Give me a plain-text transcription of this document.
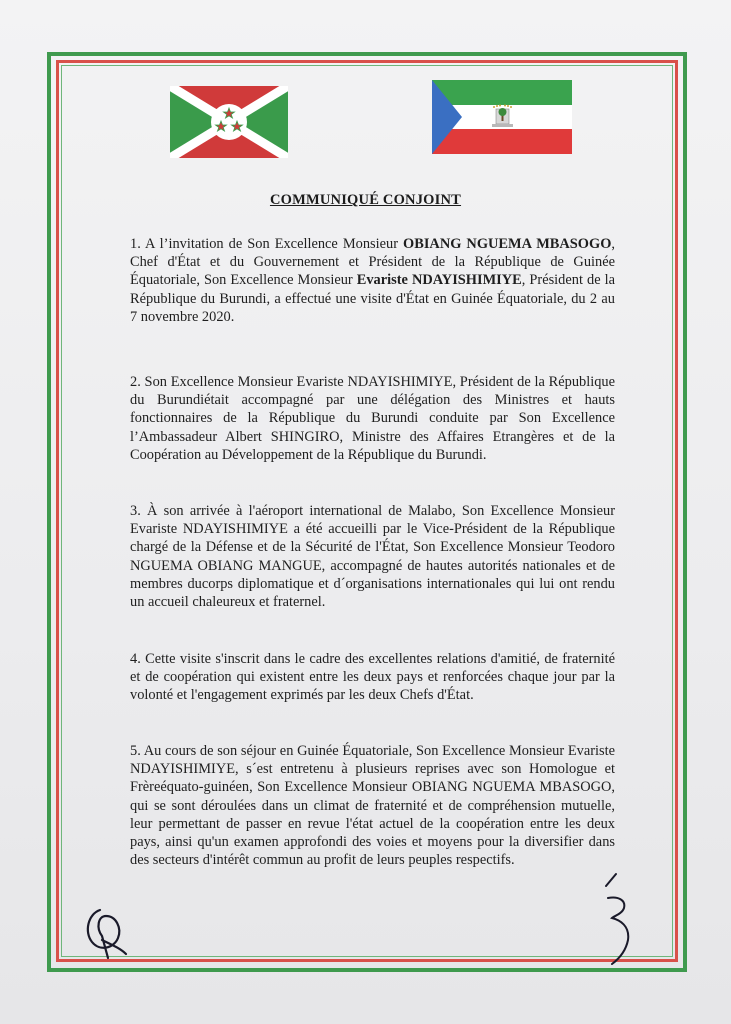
COMMUNIQUÉ CONJOINT
1. A l’invitation de Son Excellence Monsieur OBIANG NGUEMA MBASOGO, Chef d'État et du Gouvernement et Président de la République de Guinée Équatoriale, Son Excellence Monsieur Evariste NDAYISHIMIYE, Président de la République du Burundi, a effectué une visite d'État en Guinée Équatoriale, du 2 au 7 novembre 2020.
2. Son Excellence Monsieur Evariste NDAYISHIMIYE, Président de la République du Burundiétait accompagné par une délégation des Ministres et hauts fonctionnaires de la République du Burundi conduite par Son Excellence l’Ambassadeur Albert SHINGIRO, Ministre des Affaires Etrangères et de la Coopération au Développement de la République du Burundi.
3. À son arrivée à l'aéroport international de Malabo, Son Excellence Monsieur Evariste NDAYISHIMIYE a été accueilli par le Vice-Président de la République chargé de la Défense et de la Sécurité de l'État, Son Excellence Monsieur Teodoro NGUEMA OBIANG MANGUE, accompagné de hautes autorités nationales et de membres ducorps diplomatique et d´organisations internationales qui lui ont rendu un accueil chaleureux et fraternel.
4. Cette visite s'inscrit dans le cadre des excellentes relations d'amitié, de fraternité et de coopération qui existent entre les deux pays et renforcées chaque jour par la volonté et l'engagement exprimés par les deux Chefs d'État.
5. Au cours de son séjour en Guinée Équatoriale, Son Excellence Monsieur Evariste NDAYISHIMIYE, s´est entretenu à plusieurs reprises avec son Homologue et Frèreéquato-guinéen, Son Excellence Monsieur OBIANG NGUEMA MBASOGO, qui se sont déroulées dans un climat de fraternité et de compréhension mutuelle, leur permettant de passer en revue l'état actuel de la coopération entre les deux pays, ainsi qu'un examen approfondi des voies et moyens pour la diversifier dans des secteurs d'intérêt commun au profit de leurs peuples respectifs.
